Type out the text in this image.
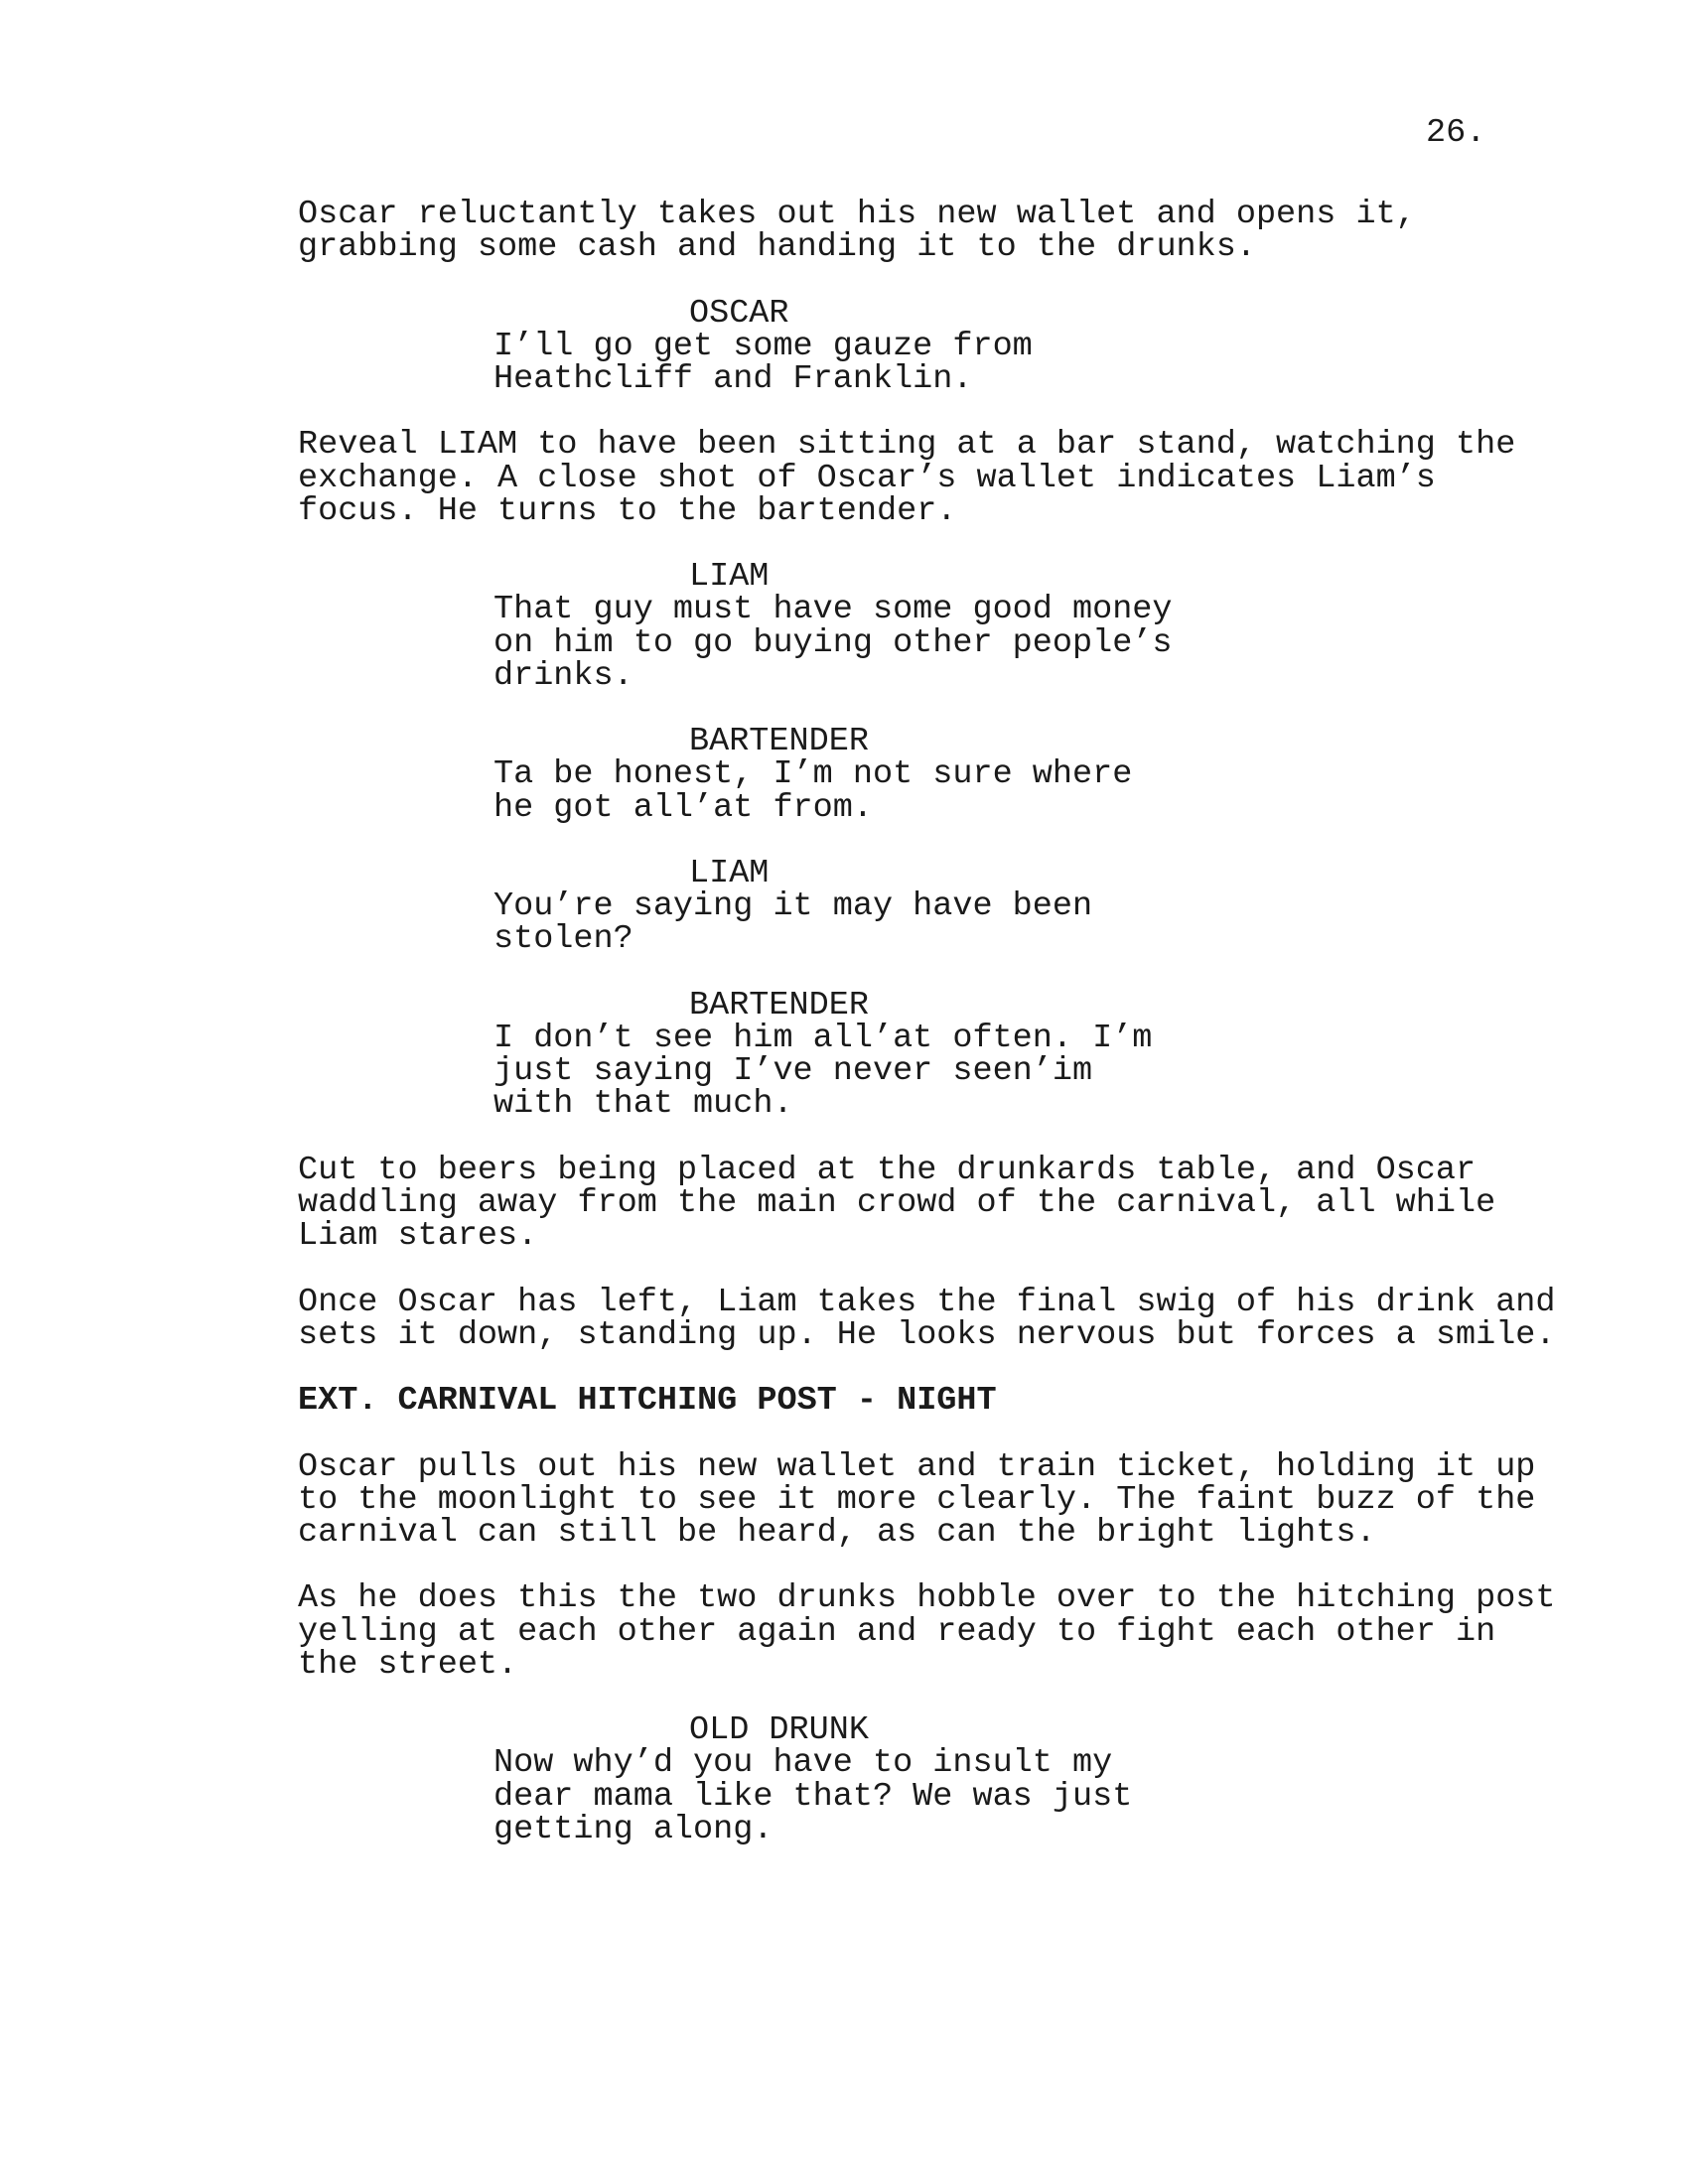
26.

Oscar reluctantly takes out his new wallet and opens it,
grabbing some cash and handing it to the drunks.

OSCAR
I’ll go get some gauze from
Heathcliff and Franklin.

Reveal LIAM to have been sitting at a bar stand, watching the
exchange. A close shot of Oscar’s wallet indicates Liam’s
focus. He turns to the bartender.

LIAM
That guy must have some good money
on him to go buying other people’s
drinks.
BARTENDER
Ta be honest, I’m not sure where
he got all’at from.
LIAM
You’re saying it may have been
stolen?
BARTENDER
I don’t see him all’at often. I’m
just saying I’ve never seen’im
with that much.

Cut to beers being placed at the drunkards table, and Oscar
waddling away from the main crowd of the carnival, all while
Liam stares.

Once Oscar has left, Liam takes the final swig of his drink and
sets it down, standing up. He looks nervous but forces a smile.

EXT. CARNIVAL HITCHING POST - NIGHT

Oscar pulls out his new wallet and train ticket, holding it up
to the moonlight to see it more clearly. The faint buzz of the
carnival can still be heard, as can the bright lights.

As he does this the two drunks hobble over to the hitching post
yelling at each other again and ready to fight each other in
the street.

OLD DRUNK
Now why’d you have to insult my
dear mama like that? We was just
getting along.
